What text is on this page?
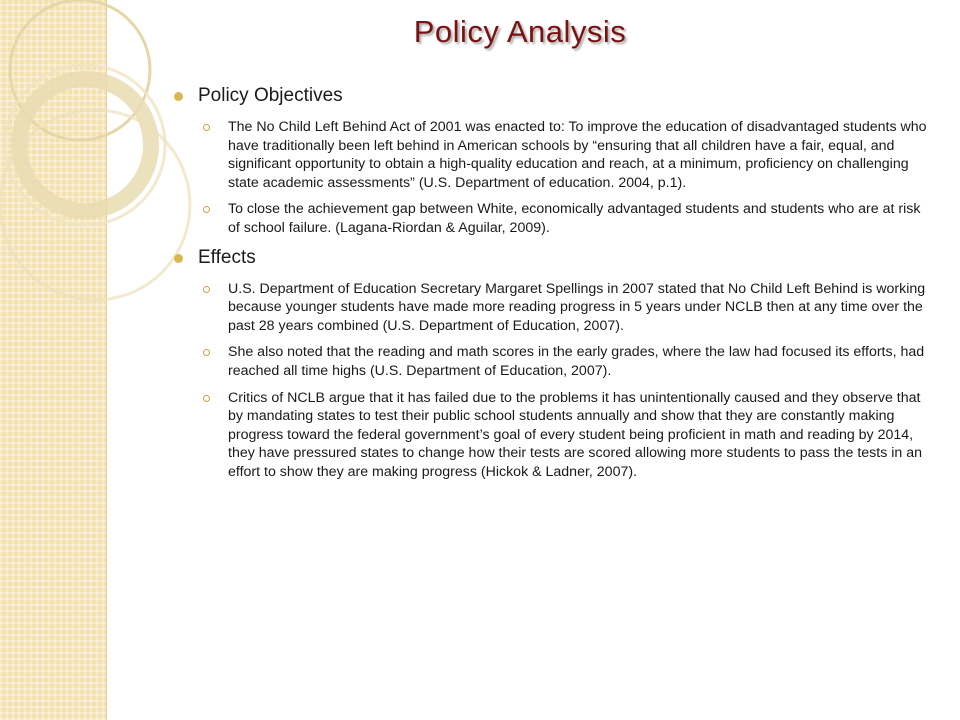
Policy Analysis
Policy Objectives
The No Child Left Behind Act of 2001 was enacted to: To improve the education of disadvantaged students who have traditionally been left behind in American schools by “ensuring that all children have a fair, equal, and significant opportunity to obtain a high-quality education and reach, at a minimum, proficiency on challenging state academic assessments” (U.S. Department of education. 2004, p.1).
To close the achievement gap between White, economically advantaged students and students who are at risk of school failure. (Lagana-Riordan & Aguilar, 2009).
Effects
U.S. Department of Education Secretary Margaret Spellings in 2007 stated that No Child Left Behind is working because younger students have made more reading progress in 5 years under NCLB then at any time over the past 28 years combined (U.S. Department of Education, 2007).
She also noted that the reading and math scores in the early grades, where the law had focused its efforts, had reached all time highs (U.S. Department of Education, 2007).
Critics of NCLB argue that it has failed due to the problems it has unintentionally caused and they observe that by mandating states to test their public school students annually and show that they are constantly making progress toward the federal government’s goal of every student being proficient in math and reading by 2014, they have pressured states to change how their tests are scored allowing more students to pass the tests in an effort to show they are making progress (Hickok & Ladner, 2007).
